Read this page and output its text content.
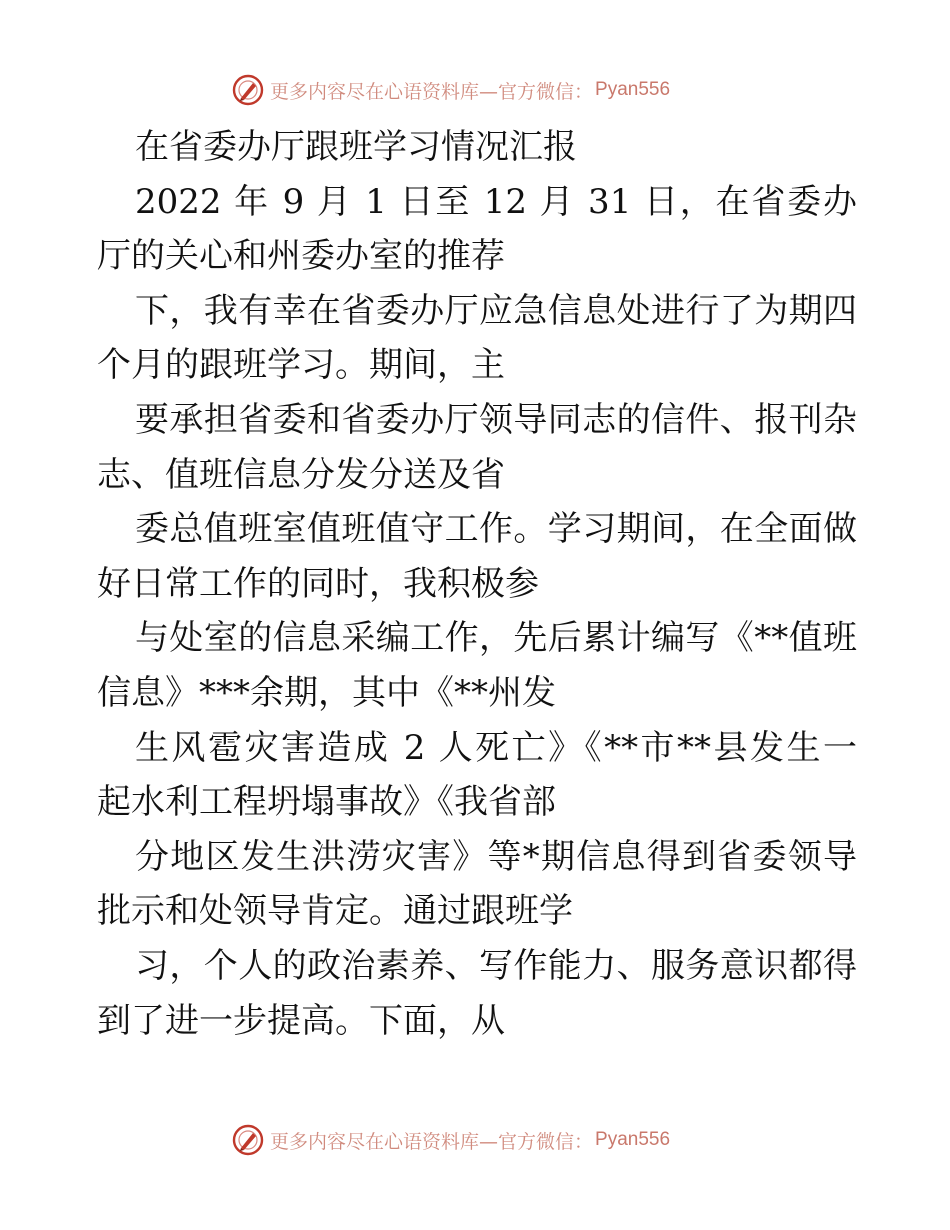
更多内容尽在心语资料库—官方微信： Pyan556
在省委办厅跟班学习情况汇报
2022 年 9 月 1 日至 12 月 31 日，在省委办
厅的关心和州委办室的推荐
下，我有幸在省委办厅应急信息处进行了为期四
个月的跟班学习。期间，主
要承担省委和省委办厅领导同志的信件、报刊杂
志、值班信息分发分送及省
委总值班室值班值守工作。学习期间，在全面做
好日常工作的同时，我积极参
与处室的信息采编工作，先后累计编写《**值班
信息》***余期，其中《**州发
生风雹灾害造成 2 人死亡》《**市**县发生一
起水利工程坍塌事故》《我省部
分地区发生洪涝灾害》等*期信息得到省委领导
批示和处领导肯定。通过跟班学
习，个人的政治素养、写作能力、服务意识都得
到了进一步提高。下面，从
更多内容尽在心语资料库—官方微信： Pyan556
